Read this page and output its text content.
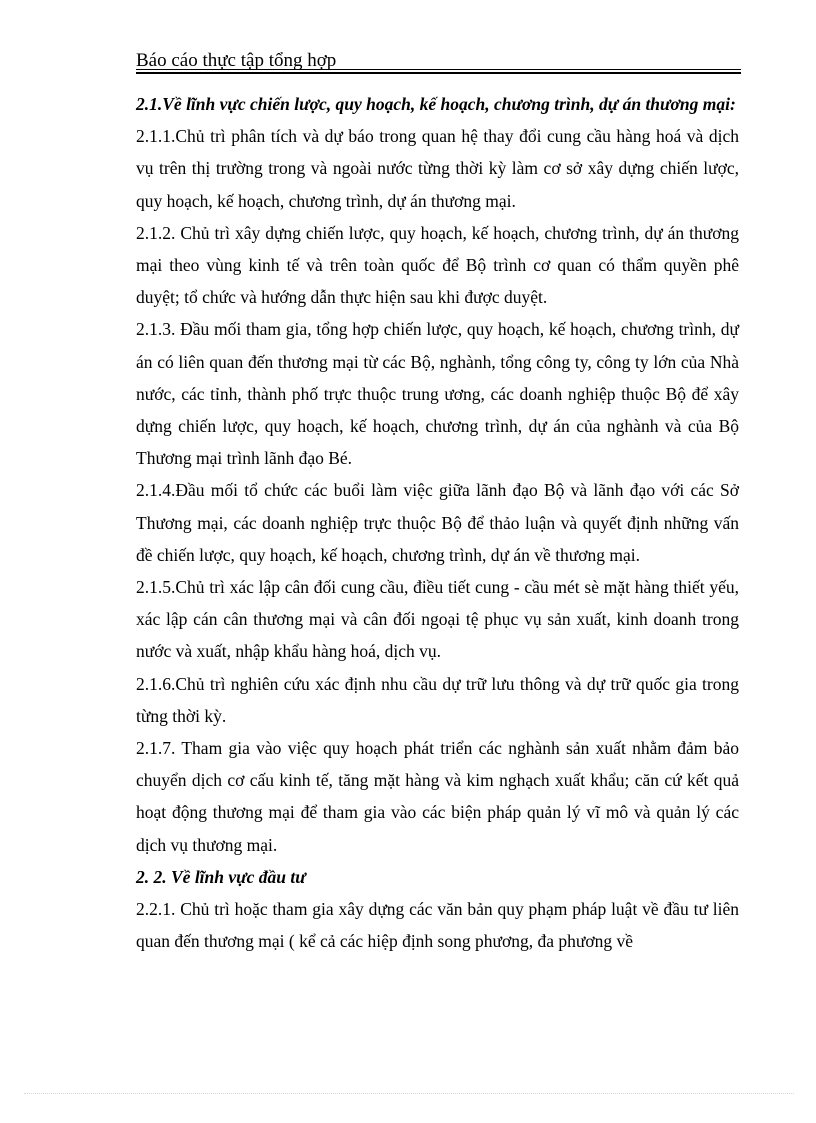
Báo cáo thực tập tổng hợp

2.1.Về lĩnh vực chiến lược, quy hoạch, kế hoạch, chương trình, dự án thương mại:

2.1.1.Chủ trì phân tích và dự báo trong quan hệ thay đổi cung cầu hàng hoá và dịch vụ trên thị trường trong và ngoài nước từng thời kỳ làm cơ sở xây dựng chiến lược, quy hoạch, kế hoạch, chương trình, dự án thương mại.

2.1.2. Chủ trì xây dựng chiến lược, quy hoạch, kế hoạch, chương trình, dự án thương mại theo vùng kinh tế và trên toàn quốc để Bộ trình cơ quan có thẩm quyền phê duyệt; tổ chức và hướng dẫn thực hiện sau khi được duyệt.

2.1.3. Đầu mối tham gia, tổng hợp chiến lược, quy hoạch, kế hoạch, chương trình, dự án có liên quan đến thương mại từ các Bộ, nghành, tổng công ty, công ty lớn của Nhà nước, các tỉnh, thành phố trực thuộc trung ương, các doanh nghiệp thuộc Bộ để xây dựng chiến lược, quy hoạch, kế hoạch, chương trình, dự án của nghành và của Bộ Thương mại trình lãnh đạo Bé.

2.1.4.Đầu mối tổ chức các buổi làm việc giữa lãnh đạo Bộ và lãnh đạo với các Sở Thương mại, các doanh nghiệp trực thuộc Bộ để thảo luận và quyết định những vấn đề chiến lược, quy hoạch, kế hoạch, chương trình, dự án về thương mại.

2.1.5.Chủ trì xác lập cân đối cung cầu, điều tiết cung - cầu mét sè mặt hàng thiết yếu, xác lập cán cân thương mại và cân đối ngoại tệ phục vụ sản xuất, kinh doanh trong nước và xuất, nhập khẩu hàng hoá, dịch vụ.

2.1.6.Chủ trì nghiên cứu xác định nhu cầu dự trữ lưu thông và dự trữ quốc gia trong từng thời kỳ.

2.1.7. Tham gia vào việc quy hoạch phát triển các nghành sản xuất nhằm đảm bảo chuyển dịch cơ cấu kinh tế, tăng mặt hàng và kim nghạch xuất khẩu; căn cứ kết quả hoạt động thương mại để tham gia vào các biện pháp quản lý vĩ mô và quản lý các dịch vụ thương mại.

2. 2. Về lĩnh vực đầu tư

2.2.1. Chủ trì hoặc tham gia xây dựng các văn bản quy phạm pháp luật về đầu tư liên quan đến thương mại ( kể cả các hiệp định song phương, đa phương về
